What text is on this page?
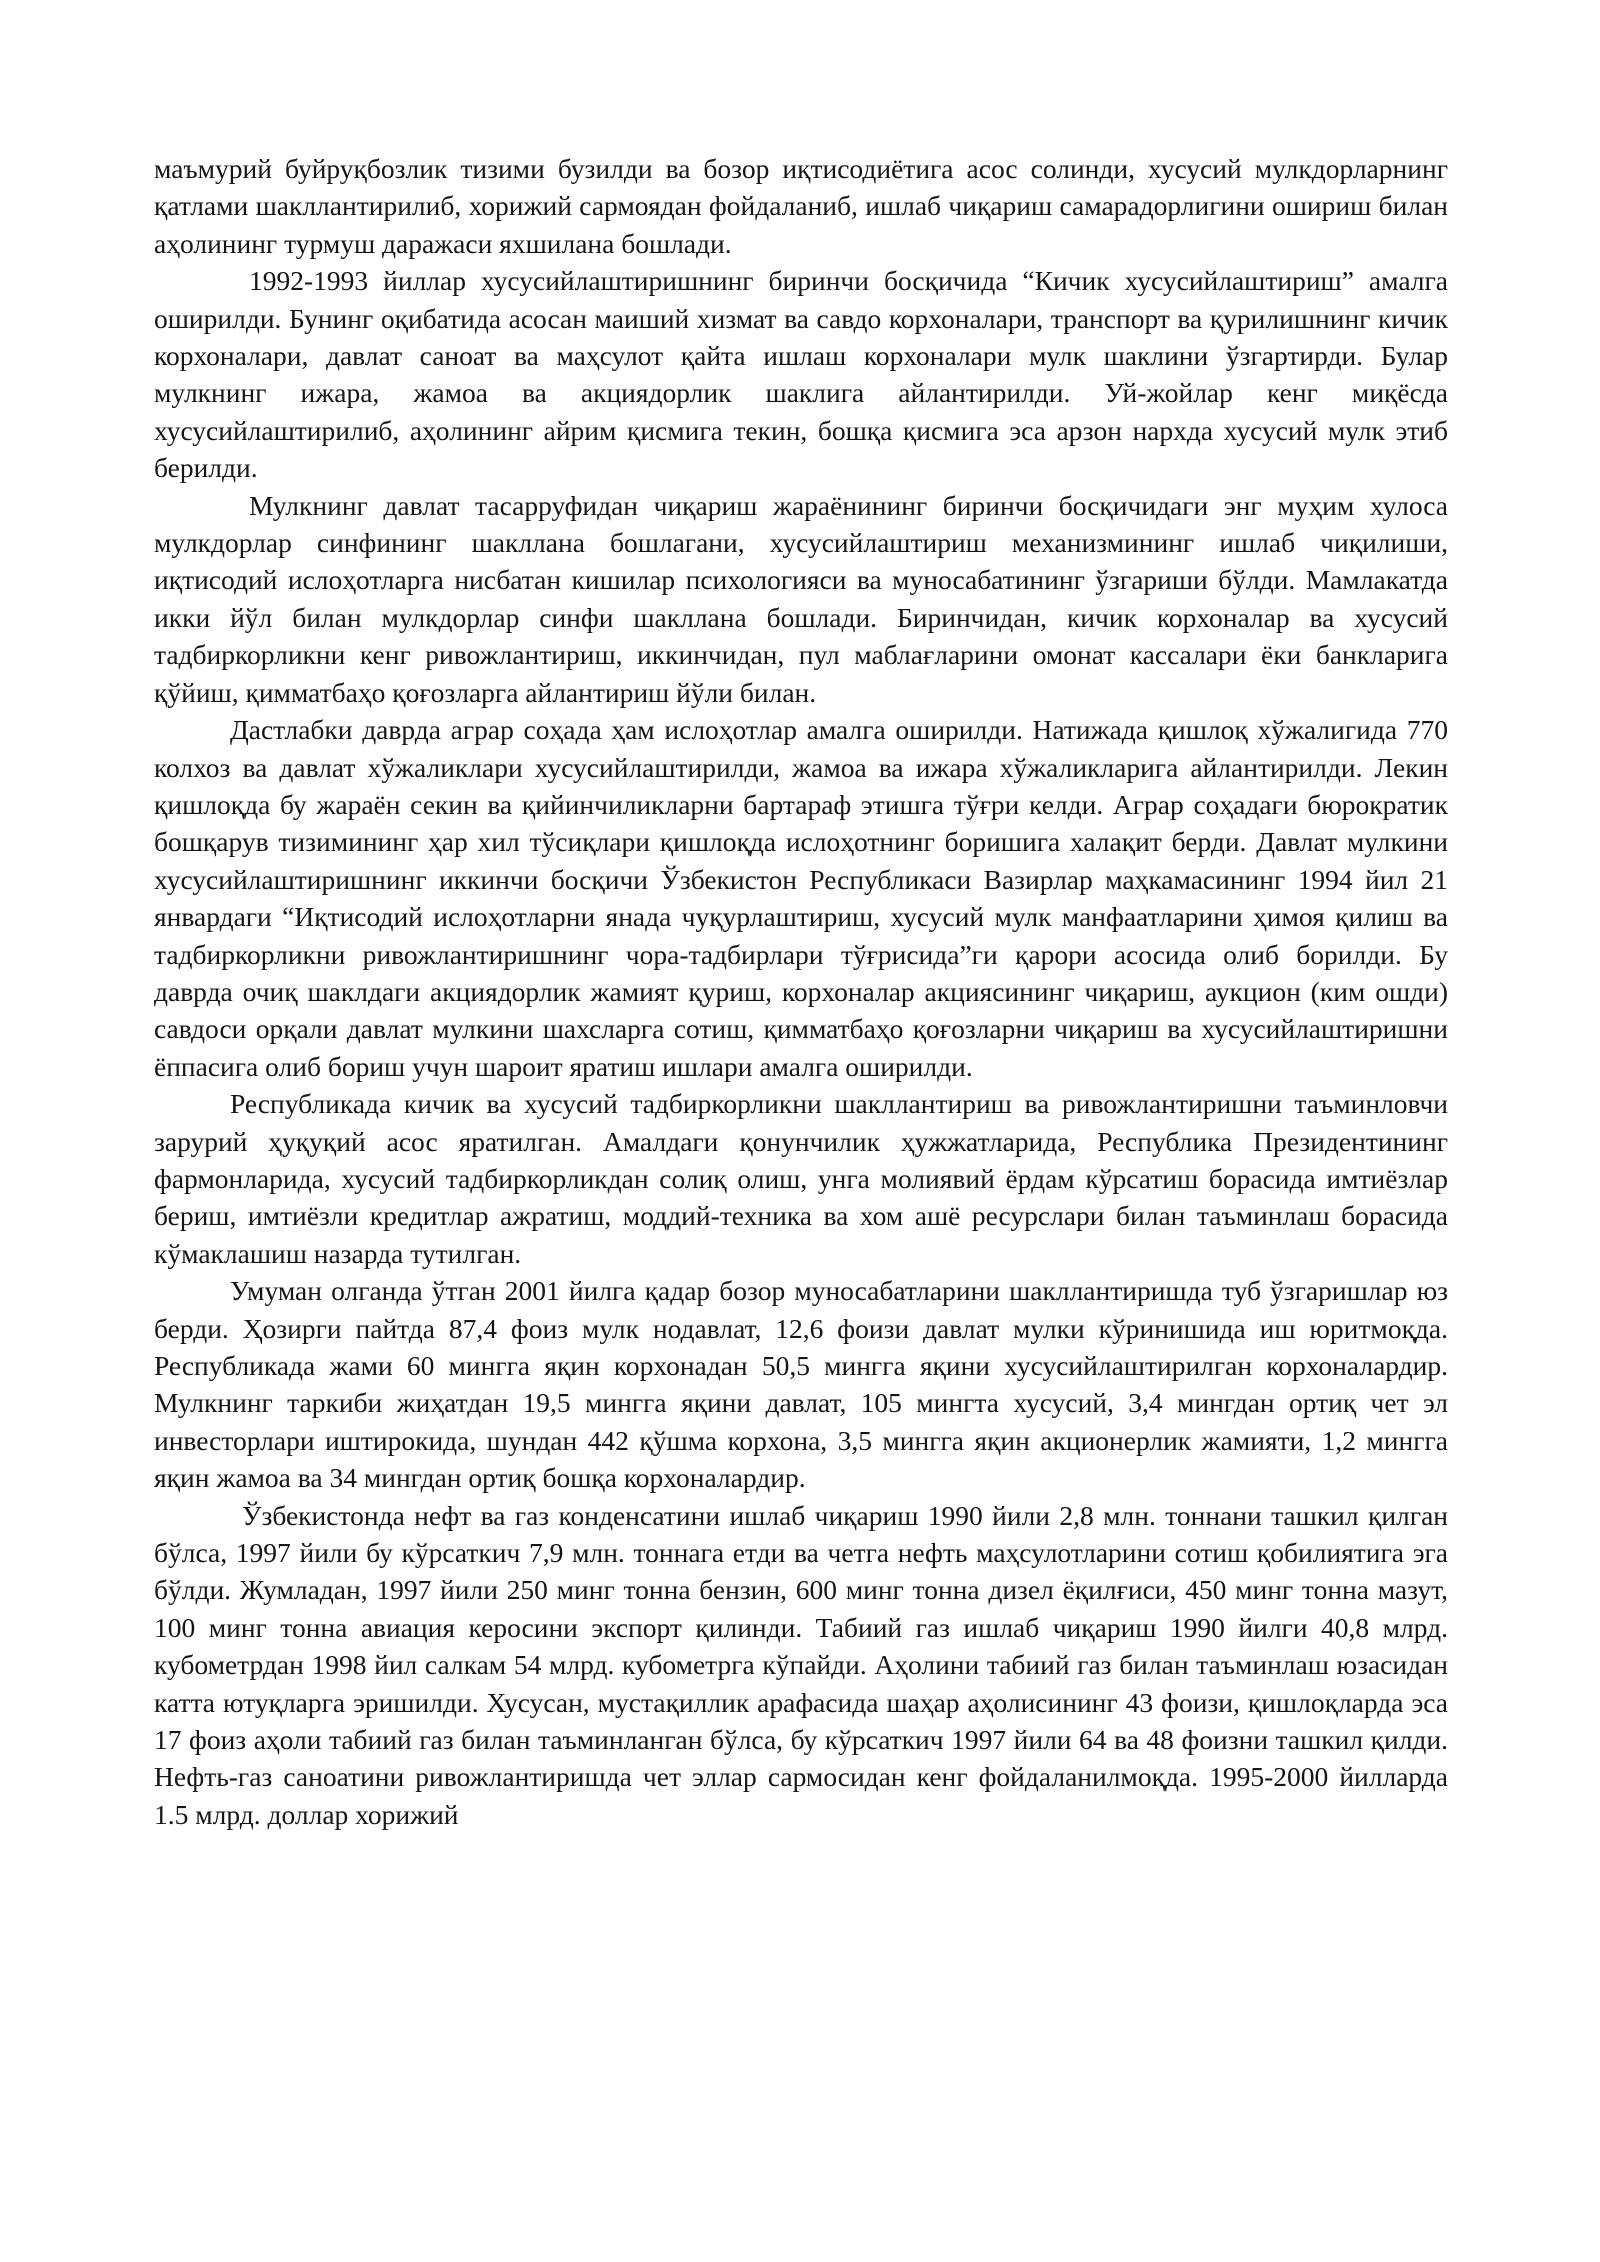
маъмурий буйруқбозлик тизими бузилди ва бозор иқтисодиётига асос солинди, хусусий мулкдорларнинг қатлами шакллантирилиб, хорижий сармоядан фойдаланиб, ишлаб чиқариш самарадорлигини ошириш билан аҳолининг турмуш даражаси яхшилана бошлади.

1992-1993 йиллар хусусийлаштиришнинг биринчи босқичида “Кичик хусусийлаштириш” амалга оширилди. Бунинг оқибатида асосан маиший хизмат ва савдо корхоналари, транспорт ва қурилишнинг кичик корхоналари, давлат саноат ва маҳсулот қайта ишлаш корхоналари мулк шаклини ўзгартирди. Булар мулкнинг ижара, жамоа ва акциядорлик шаклига айлантирилди. Уй-жойлар кенг миқёсда хусусийлаштирилиб, аҳолининг айрим қисмига текин, бошқа қисмига эса арзон нархда хусусий мулк этиб берилди.

Мулкнинг давлат тасарруфидан чиқариш жараёнининг биринчи босқичидаги энг муҳим хулоса мулкдорлар синфининг шакллана бошлагани, хусусийлаштириш механизмининг ишлаб чиқилиши, иқтисодий ислоҳотларга нисбатан кишилар психологияси ва муносабатининг ўзгариши бўлди. Мамлакатда икки йўл билан мулкдорлар синфи шакллана бошлади. Биринчидан, кичик корхоналар ва хусусий тадбиркорликни кенг ривожлантириш, иккинчидан, пул маблағларини омонат кассалари ёки банкларига қўйиш, қимматбаҳо қоғозларга айлантириш йўли билан.

Дастлабки даврда аграр соҳада ҳам ислоҳотлар амалга оширилди. Натижада қишлоқ хўжалигида 770 колхоз ва давлат хўжаликлари хусусийлаштирилди, жамоа ва ижара хўжаликларига айлантирилди. Лекин қишлоқда бу жараён секин ва қийинчиликларни бартараф этишга тўғри келди. Аграр соҳадаги бюрократик бошқарув тизимининг ҳар хил тўсиқлари қишлоқда ислоҳотнинг боришига халақит берди. Давлат мулкини хусусийлаштиришнинг иккинчи босқичи Ўзбекистон Республикаси Вазирлар маҳкамасининг 1994 йил 21 январдаги “Иқтисодий ислоҳотларни янада чуқурлаштириш, хусусий мулк манфаатларини ҳимоя қилиш ва тадбиркорликни ривожлантиришнинг чора-тадбирлари тўғрисида”ги қарори асосида олиб борилди. Бу даврда очиқ шаклдаги акциядорлик жамият қуриш, корхоналар акциясининг чиқариш, аукцион (ким ошди) савдоси орқали давлат мулкини шахсларга сотиш, қимматбаҳо қоғозларни чиқариш ва хусусийлаштиришни ёппасига олиб бориш учун шароит яратиш ишлари амалга оширилди.

Республикада кичик ва хусусий тадбиркорликни шакллантириш ва ривожлантиришни таъминловчи зарурий ҳуқуқий асос яратилган. Амалдаги қонунчилик ҳужжатларида, Республика Президентининг фармонларида, хусусий тадбиркорликдан солиқ олиш, унга молиявий ёрдам кўрсатиш борасида имтиёзлар бериш, имтиёзли кредитлар ажратиш, моддий-техника ва хом ашё ресурслари билан таъминлаш борасида кўмаклашиш назарда тутилган.

Умуман олганда ўтган 2001 йилга қадар бозор муносабатларини шакллантиришда туб ўзгаришлар юз берди. Ҳозирги пайтда 87,4 фоиз мулк нодавлат, 12,6 фоизи давлат мулки кўринишида иш юритмоқда. Республикада жами 60 мингга яқин корхонадан 50,5 мингга яқини хусусийлаштирилган корхоналардир. Мулкнинг таркиби жиҳатдан 19,5 мингга яқини давлат, 105 мингта хусусий, 3,4 мингдан ортиқ чет эл инвесторлари иштирокида, шундан 442 қўшма корхона, 3,5 мингга яқин акционерлик жамияти, 1,2 мингга яқин жамоа ва 34 мингдан ортиқ бошқа корхоналардир.

Ўзбекистонда нефт ва газ конденсатини ишлаб чиқариш 1990 йили 2,8 млн. тоннани ташкил қилган бўлса, 1997 йили бу кўрсаткич 7,9 млн. тоннага етди ва четга нефть маҳсулотларини сотиш қобилиятига эга бўлди. Жумладан, 1997 йили 250 минг тонна бензин, 600 минг тонна дизел ёқилғиси, 450 минг тонна мазут, 100 минг тонна авиация керосини экспорт қилинди. Табиий газ ишлаб чиқариш 1990 йилги 40,8 млрд. кубометрдан 1998 йил салкам 54 млрд. кубометрга кўпайди. Аҳолини табиий газ билан таъминлаш юзасидан катта ютуқларга эришилди. Хусусан, мустақиллик арафасида шаҳар аҳолисининг 43 фоизи, қишлоқларда эса 17 фоиз аҳоли табиий газ билан таъминланган бўлса, бу кўрсаткич 1997 йили 64 ва 48 фоизни ташкил қилди. Нефть-газ саноатини ривожлантиришда чет эллар сармосидан кенг фойдаланилмоқда. 1995-2000 йилларда 1.5 млрд. доллар хорижий
